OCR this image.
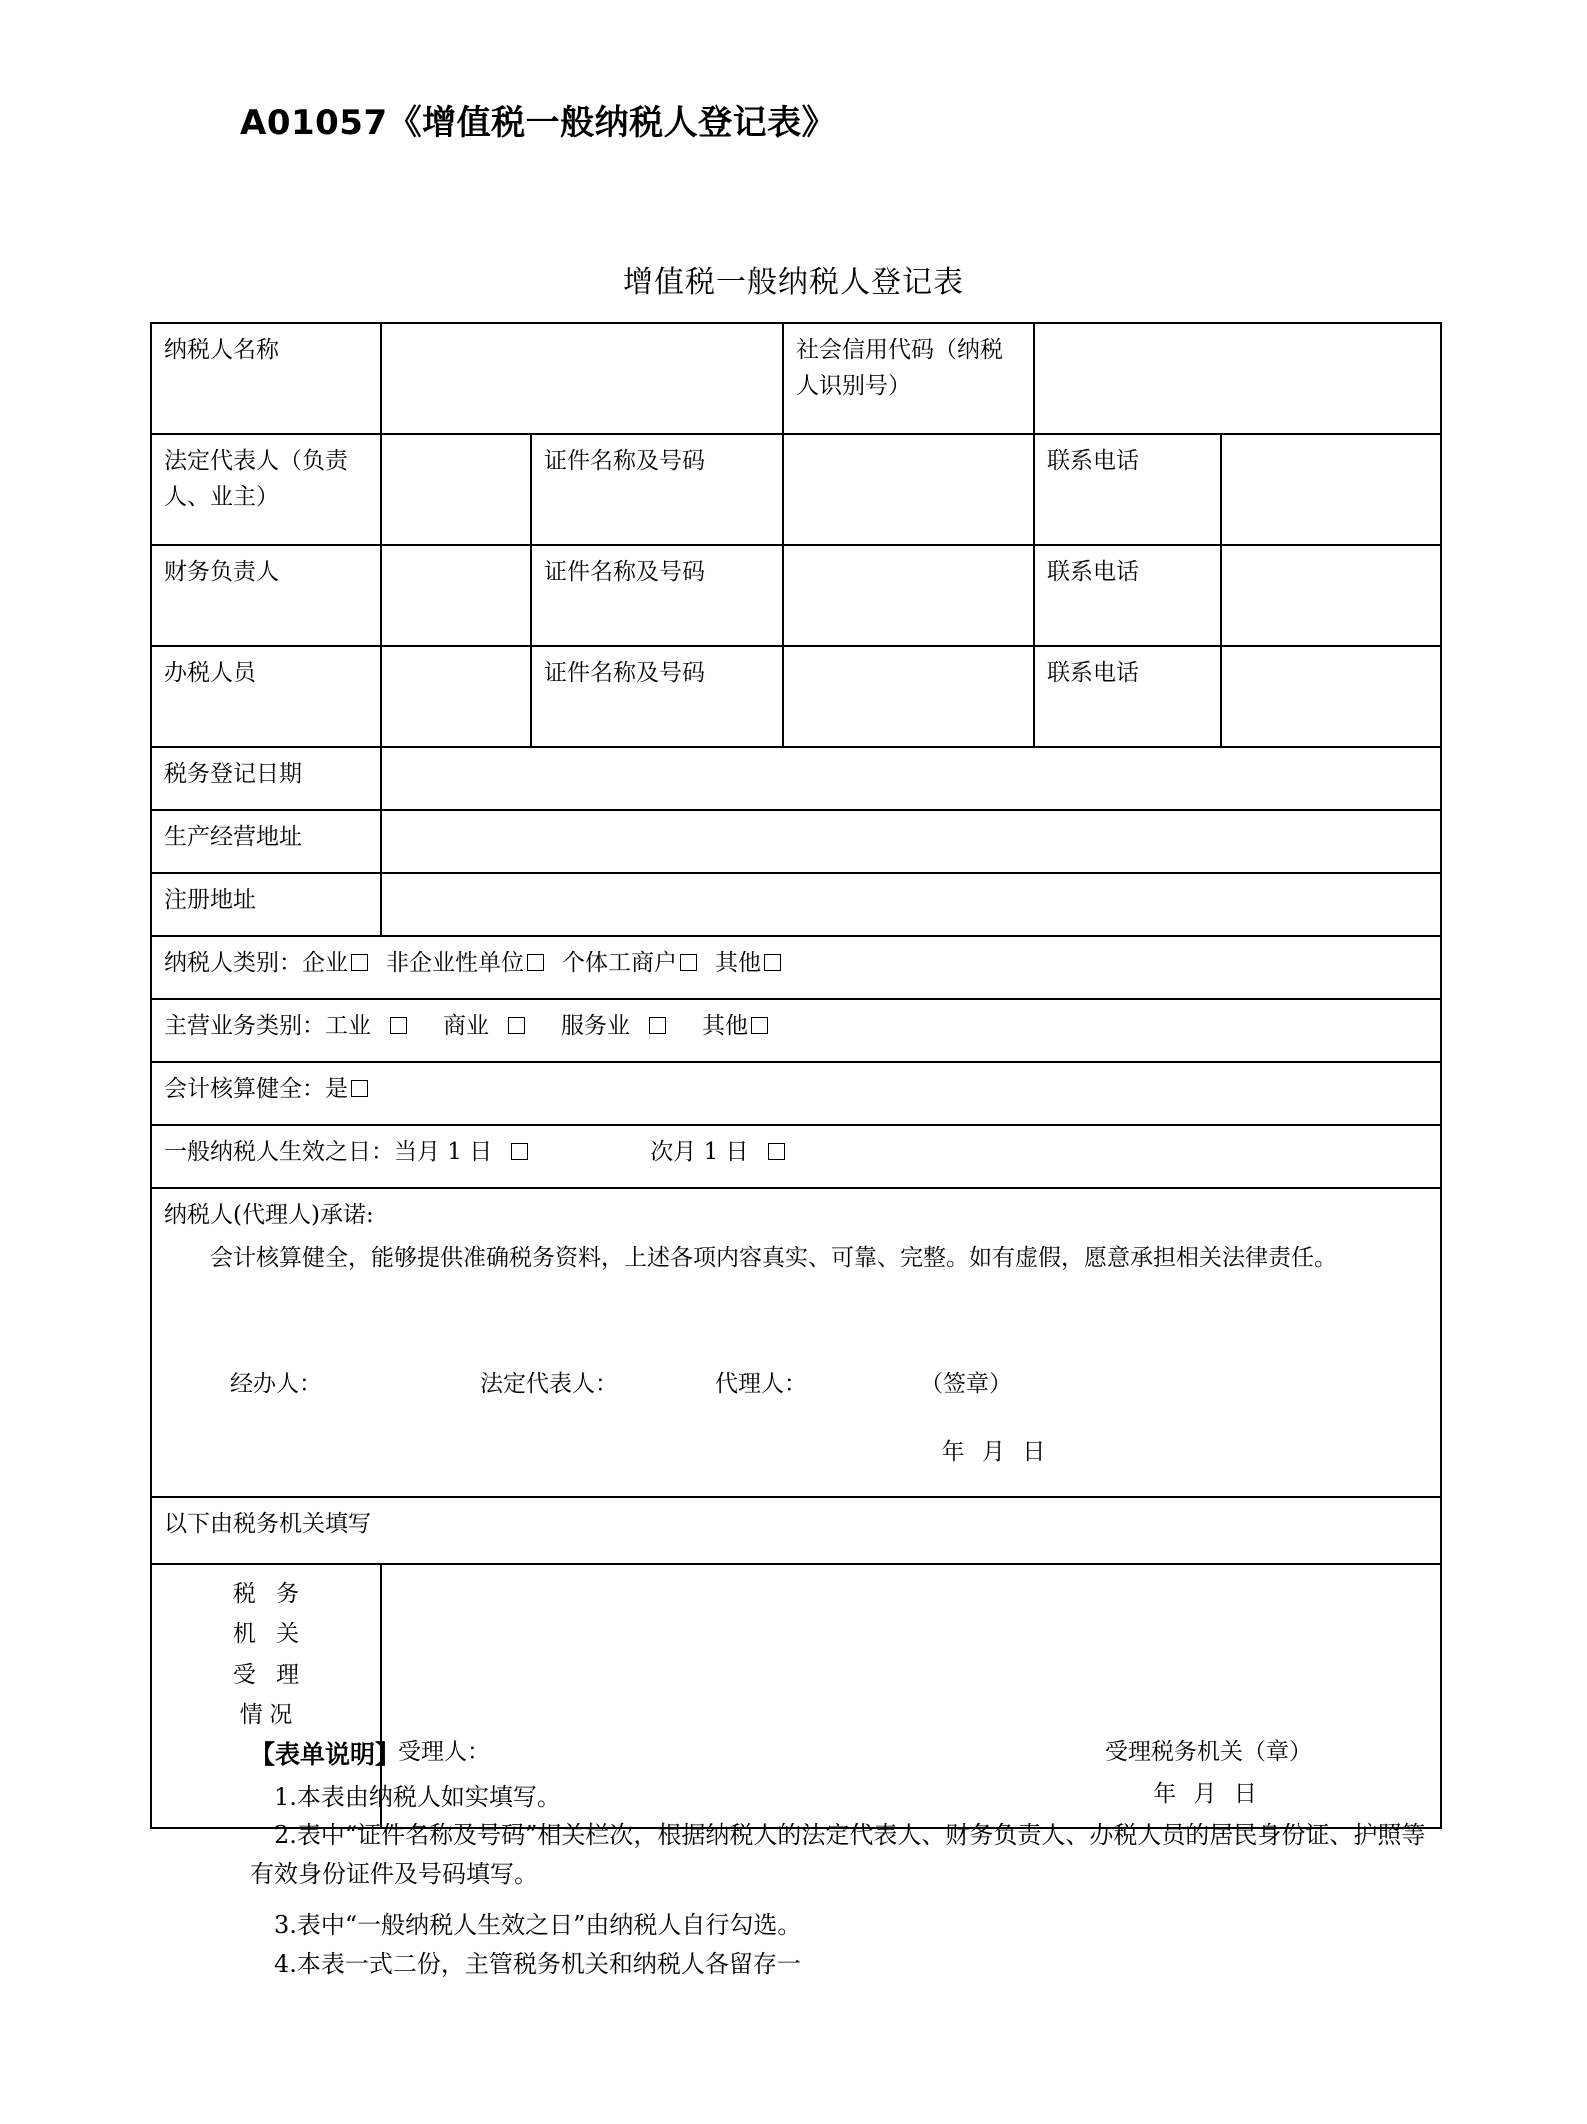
A01057《增值税一般纳税人登记表》
增值税一般纳税人登记表
纳税人名称			社会信用代码（纳税人识别号）		
法定代表人（负责人、业主）		证件名称及号码		联系电话	
财务负责人		证件名称及号码		联系电话	
办税人员		证件名称及号码		联系电话	
税务登记日期					
生产经营地址					
注册地址					
纳税人类别：企业 非企业性单位 个体工商户 其他					
主营业务类别：工业 商业 服务业 其他					
会计核算健全：是					
一般纳税人生效之日：当月 1 日 次月 1 日					

纳税人(代理人)承诺:
会计核算健全，能够提供准确税务资料，上述各项内容真实、可靠、完整。如有虚假，愿意承担相关法律责任。
经办人：	法定代表人：	代理人：	（签章）
年 月 日

以下由税务机关填写					

税 务
机 关
受 理
情况

受理人：	受理税务机关（章）
年 月 日
【表单说明】
1.本表由纳税人如实填写。
2.表中“证件名称及号码”相关栏次，根据纳税人的法定代表人、财务负责人、办税人员的居民身份证、护照等有效身份证件及号码填写。
3.表中“一般纳税人生效之日”由纳税人自行勾选。
4.本表一式二份，主管税务机关和纳税人各留存一
